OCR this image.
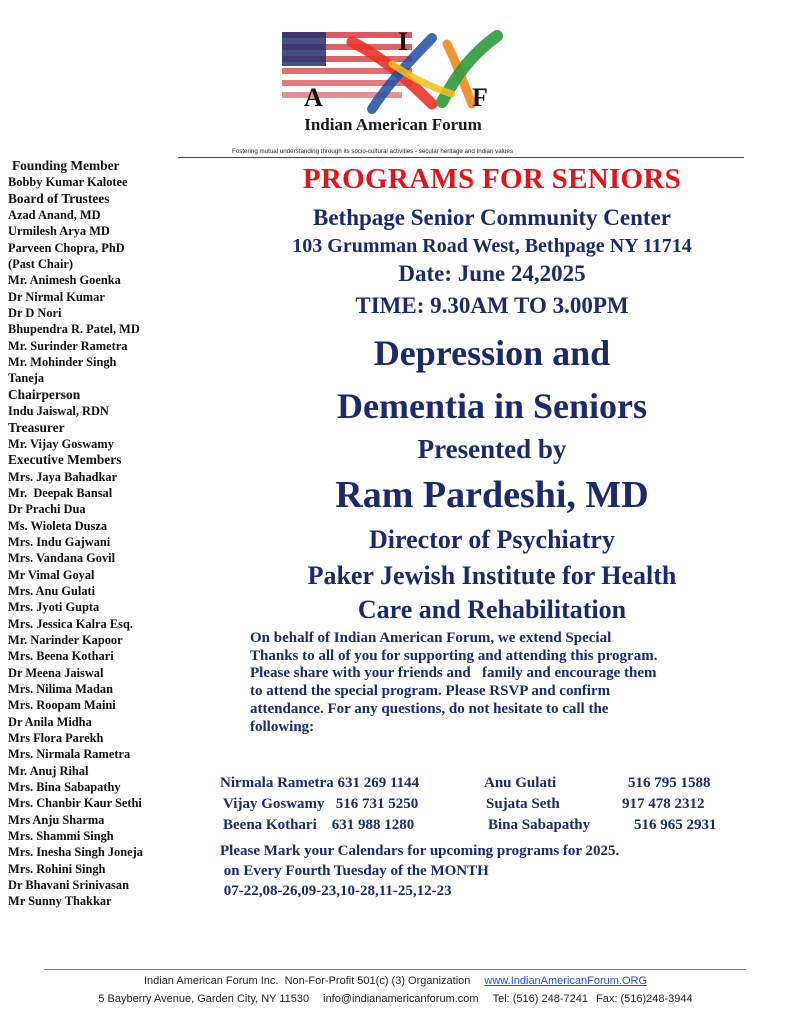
I
A	F
Indian American Forum
Fostering mutual understanding through its socio-cultural activities - secular heritage and Indian values
Founding Member
Bobby Kumar Kalotee
Board of Trustees
Azad Anand, MD
Urmilesh Arya MD
Parveen Chopra, PhD
(Past Chair)
Mr. Animesh Goenka
Dr Nirmal Kumar
Dr D Nori
Bhupendra R. Patel, MD
Mr. Surinder Rametra
Mr. Mohinder Singh
Taneja
Chairperson
Indu Jaiswal, RDN
Treasurer
Mr. Vijay Goswamy
Executive Members
Mrs. Jaya Bahadkar
Mr.  Deepak Bansal
Dr Prachi Dua
Ms. Wioleta Dusza
Mrs. Indu Gajwani
Mrs. Vandana Govil
Mr Vimal Goyal
Mrs. Anu Gulati
Mrs. Jyoti Gupta
Mrs. Jessica Kalra Esq.
Mr. Narinder Kapoor
Mrs. Beena Kothari
Dr Meena Jaiswal
Mrs. Nilima Madan
Mrs. Roopam Maini
Dr Anila Midha
Mrs Flora Parekh
Mrs. Nirmala Rametra
Mr. Anuj Rihal
Mrs. Bina Sabapathy
Mrs. Chanbir Kaur Sethi
Mrs Anju Sharma
Mrs. Shammi Singh
Mrs. Inesha Singh Joneja
Mrs. Rohini Singh
Dr Bhavani Srinivasan
Mr Sunny Thakkar
PROGRAMS FOR SENIORS
Bethpage Senior Community Center
103 Grumman Road West, Bethpage NY 11714
Date: June 24,2025
TIME: 9.30AM TO 3.00PM
Depression and
Dementia in Seniors
Presented by
Ram Pardeshi, MD
Director of Psychiatry
Paker Jewish Institute for Health
Care and Rehabilitation
On behalf of Indian American Forum, we extend Special
Thanks to all of you for supporting and attending this program.
Please share with your friends and   family and encourage them
to attend the special program. Please RSVP and confirm
attendance. For any questions, do not hesitate to call the
following:
Nirmala Rametra 631 269 1144	Anu Gulati	516 795 1588
Vijay Goswamy   516 731 5250	Sujata Seth	917 478 2312
Beena Kothari    631 988 1280	Bina Sabapathy	516 965 2931
Please Mark your Calendars for upcoming programs for 2025.
on Every Fourth Tuesday of the MONTH
07-22,08-26,09-23,10-28,11-25,12-23
Indian American Forum Inc.  Non-For-Profit 501(c) (3) Organization www.IndianAmericanForum.ORG
5 Bayberry Avenue, Garden City, NY 11530 info@indianamericanforum.com Tel: (516) 248-7241 Fax: (516)248-3944
